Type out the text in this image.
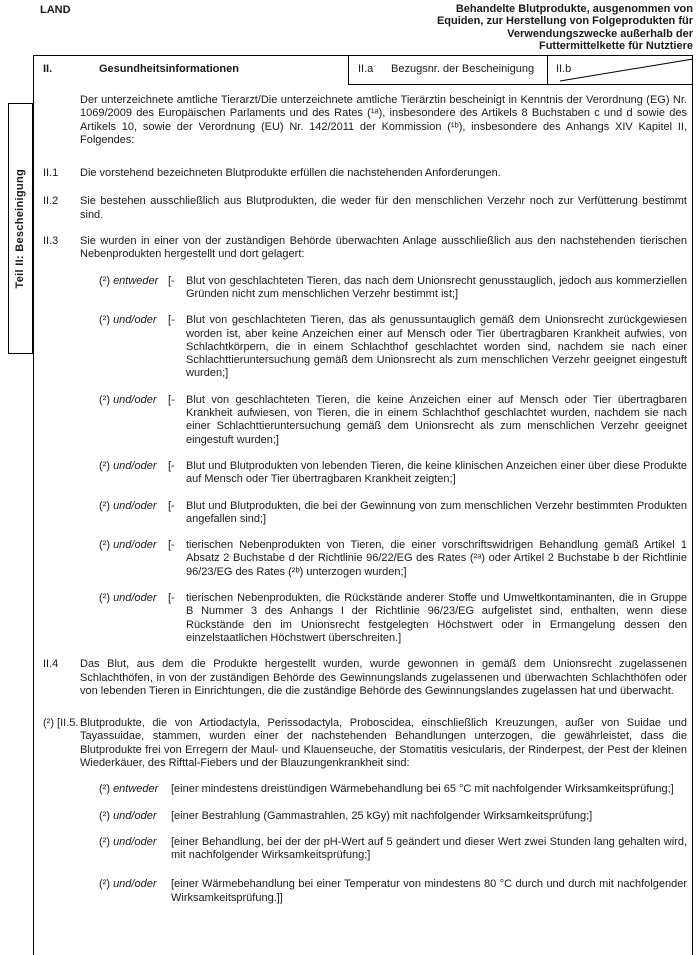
LAND	Behandelte Blutprodukte, ausgenommen von
Equiden, zur Herstellung von Folgeprodukten für
Verwendungszwecke außerhalb der
Futtermittelkette für Nutztiere
Teil II: Bescheinigung
II.	Gesundheitsinformationen	II.a	Bezugsnr. der Bescheinigung	II.b
Der unterzeichnete amtliche Tierarzt/Die unterzeichnete amtliche Tierärztin bescheinigt in Kenntnis der Verordnung (EG) Nr. 1069/2009 des Europäischen Parlaments und des Rates (¹ᵃ), insbesondere des Artikels 8 Buchstaben c und d sowie des Artikels 10, sowie der Verordnung (EU) Nr. 142/2011 der Kommission (¹ᵇ), insbesondere des Anhangs XIV Kapitel II, Folgendes:
II.1	Die vorstehend bezeichneten Blutprodukte erfüllen die nachstehenden Anforderungen.
II.2	Sie bestehen ausschließlich aus Blutprodukten, die weder für den menschlichen Verzehr noch zur Verfütterung bestimmt sind.
II.3	Sie wurden in einer von der zuständigen Behörde überwachten Anlage ausschließlich aus den nachstehenden tierischen Nebenprodukten hergestellt und dort gelagert:
(²) entweder [-	Blut von geschlachteten Tieren, das nach dem Unionsrecht genusstauglich, jedoch aus kommerziellen Gründen nicht zum menschlichen Verzehr bestimmt ist;]
(²) und/oder	[-	Blut von geschlachteten Tieren, das als genussuntauglich gemäß dem Unionsrecht zurückgewiesen worden ist, aber keine Anzeichen einer auf Mensch oder Tier übertragbaren Krankheit aufwies, von Schlachtkörpern, die in einem Schlachthof geschlachtet worden sind, nachdem sie nach einer Schlachttieruntersuchung gemäß dem Unionsrecht als zum menschlichen Verzehr geeignet eingestuft wurden;]
(²) und/oder	[-	Blut von geschlachteten Tieren, die keine Anzeichen einer auf Mensch oder Tier übertragbaren Krankheit aufwiesen, von Tieren, die in einem Schlachthof geschlachtet wurden, nachdem sie nach einer Schlachttieruntersuchung gemäß dem Unionsrecht als zum menschlichen Verzehr geeignet eingestuft wurden;]
(²) und/oder	[-	Blut und Blutprodukten von lebenden Tieren, die keine klinischen Anzeichen einer über diese Produkte auf Mensch oder Tier übertragbaren Krankheit zeigten;]
(²) und/oder	[-	Blut und Blutprodukten, die bei der Gewinnung von zum menschlichen Verzehr bestimmten Produkten angefallen sind;]
(²) und/oder	[-	tierischen Nebenprodukten von Tieren, die einer vorschriftswidrigen Behandlung gemäß Artikel 1 Absatz 2 Buchstabe d der Richtlinie 96/22/EG des Rates (²ᵃ) oder Artikel 2 Buchstabe b der Richtlinie 96/23/EG des Rates (²ᵇ) unterzogen wurden;]
(²) und/oder	[-	tierischen Nebenprodukten, die Rückstände anderer Stoffe und Umweltkontaminanten, die in Gruppe B Nummer 3 des Anhangs I der Richtlinie 96/23/EG aufgelistet sind, enthalten, wenn diese Rückstände den im Unionsrecht festgelegten Höchstwert oder in Ermangelung dessen den einzelstaatlichen Höchstwert überschreiten.]
II.4	Das Blut, aus dem die Produkte hergestellt wurden, wurde gewonnen in gemäß dem Unionsrecht zugelassenen Schlachthöfen, in von der zuständigen Behörde des Gewinnungslands zugelassenen und überwachten Schlachthöfen oder von lebenden Tieren in Einrichtungen, die die zuständige Behörde des Gewinnungslandes zugelassen hat und überwacht.
(²) [II.5. Blutprodukte, die von Artiodactyla, Perissodactyla, Proboscidea, einschließlich Kreuzungen, außer von Suidae und Tayassuidae, stammen, wurden einer der nachstehenden Behandlungen unterzogen, die gewährleistet, dass die Blutprodukte frei von Erregern der Maul- und Klauenseuche, der Stomatitis vesicularis, der Rinderpest, der Pest der kleinen Wiederkäuer, des Rifttal-Fiebers und der Blauzungenkrankheit sind:
(²) entweder	[einer mindestens dreistündigen Wärmebehandlung bei 65 °C mit nachfolgender Wirksamkeitsprüfung;]
(²) und/oder	[einer Bestrahlung (Gammastrahlen, 25 kGy) mit nachfolgender Wirksamkeitsprüfung;]
(²) und/oder	[einer Behandlung, bei der der pH-Wert auf 5 geändert und dieser Wert zwei Stunden lang gehalten wird, mit nachfolgender Wirksamkeitsprüfung;]
(²) und/oder	[einer Wärmebehandlung bei einer Temperatur von mindestens 80 °C durch und durch mit nachfolgender Wirksamkeitsprüfung.]]
